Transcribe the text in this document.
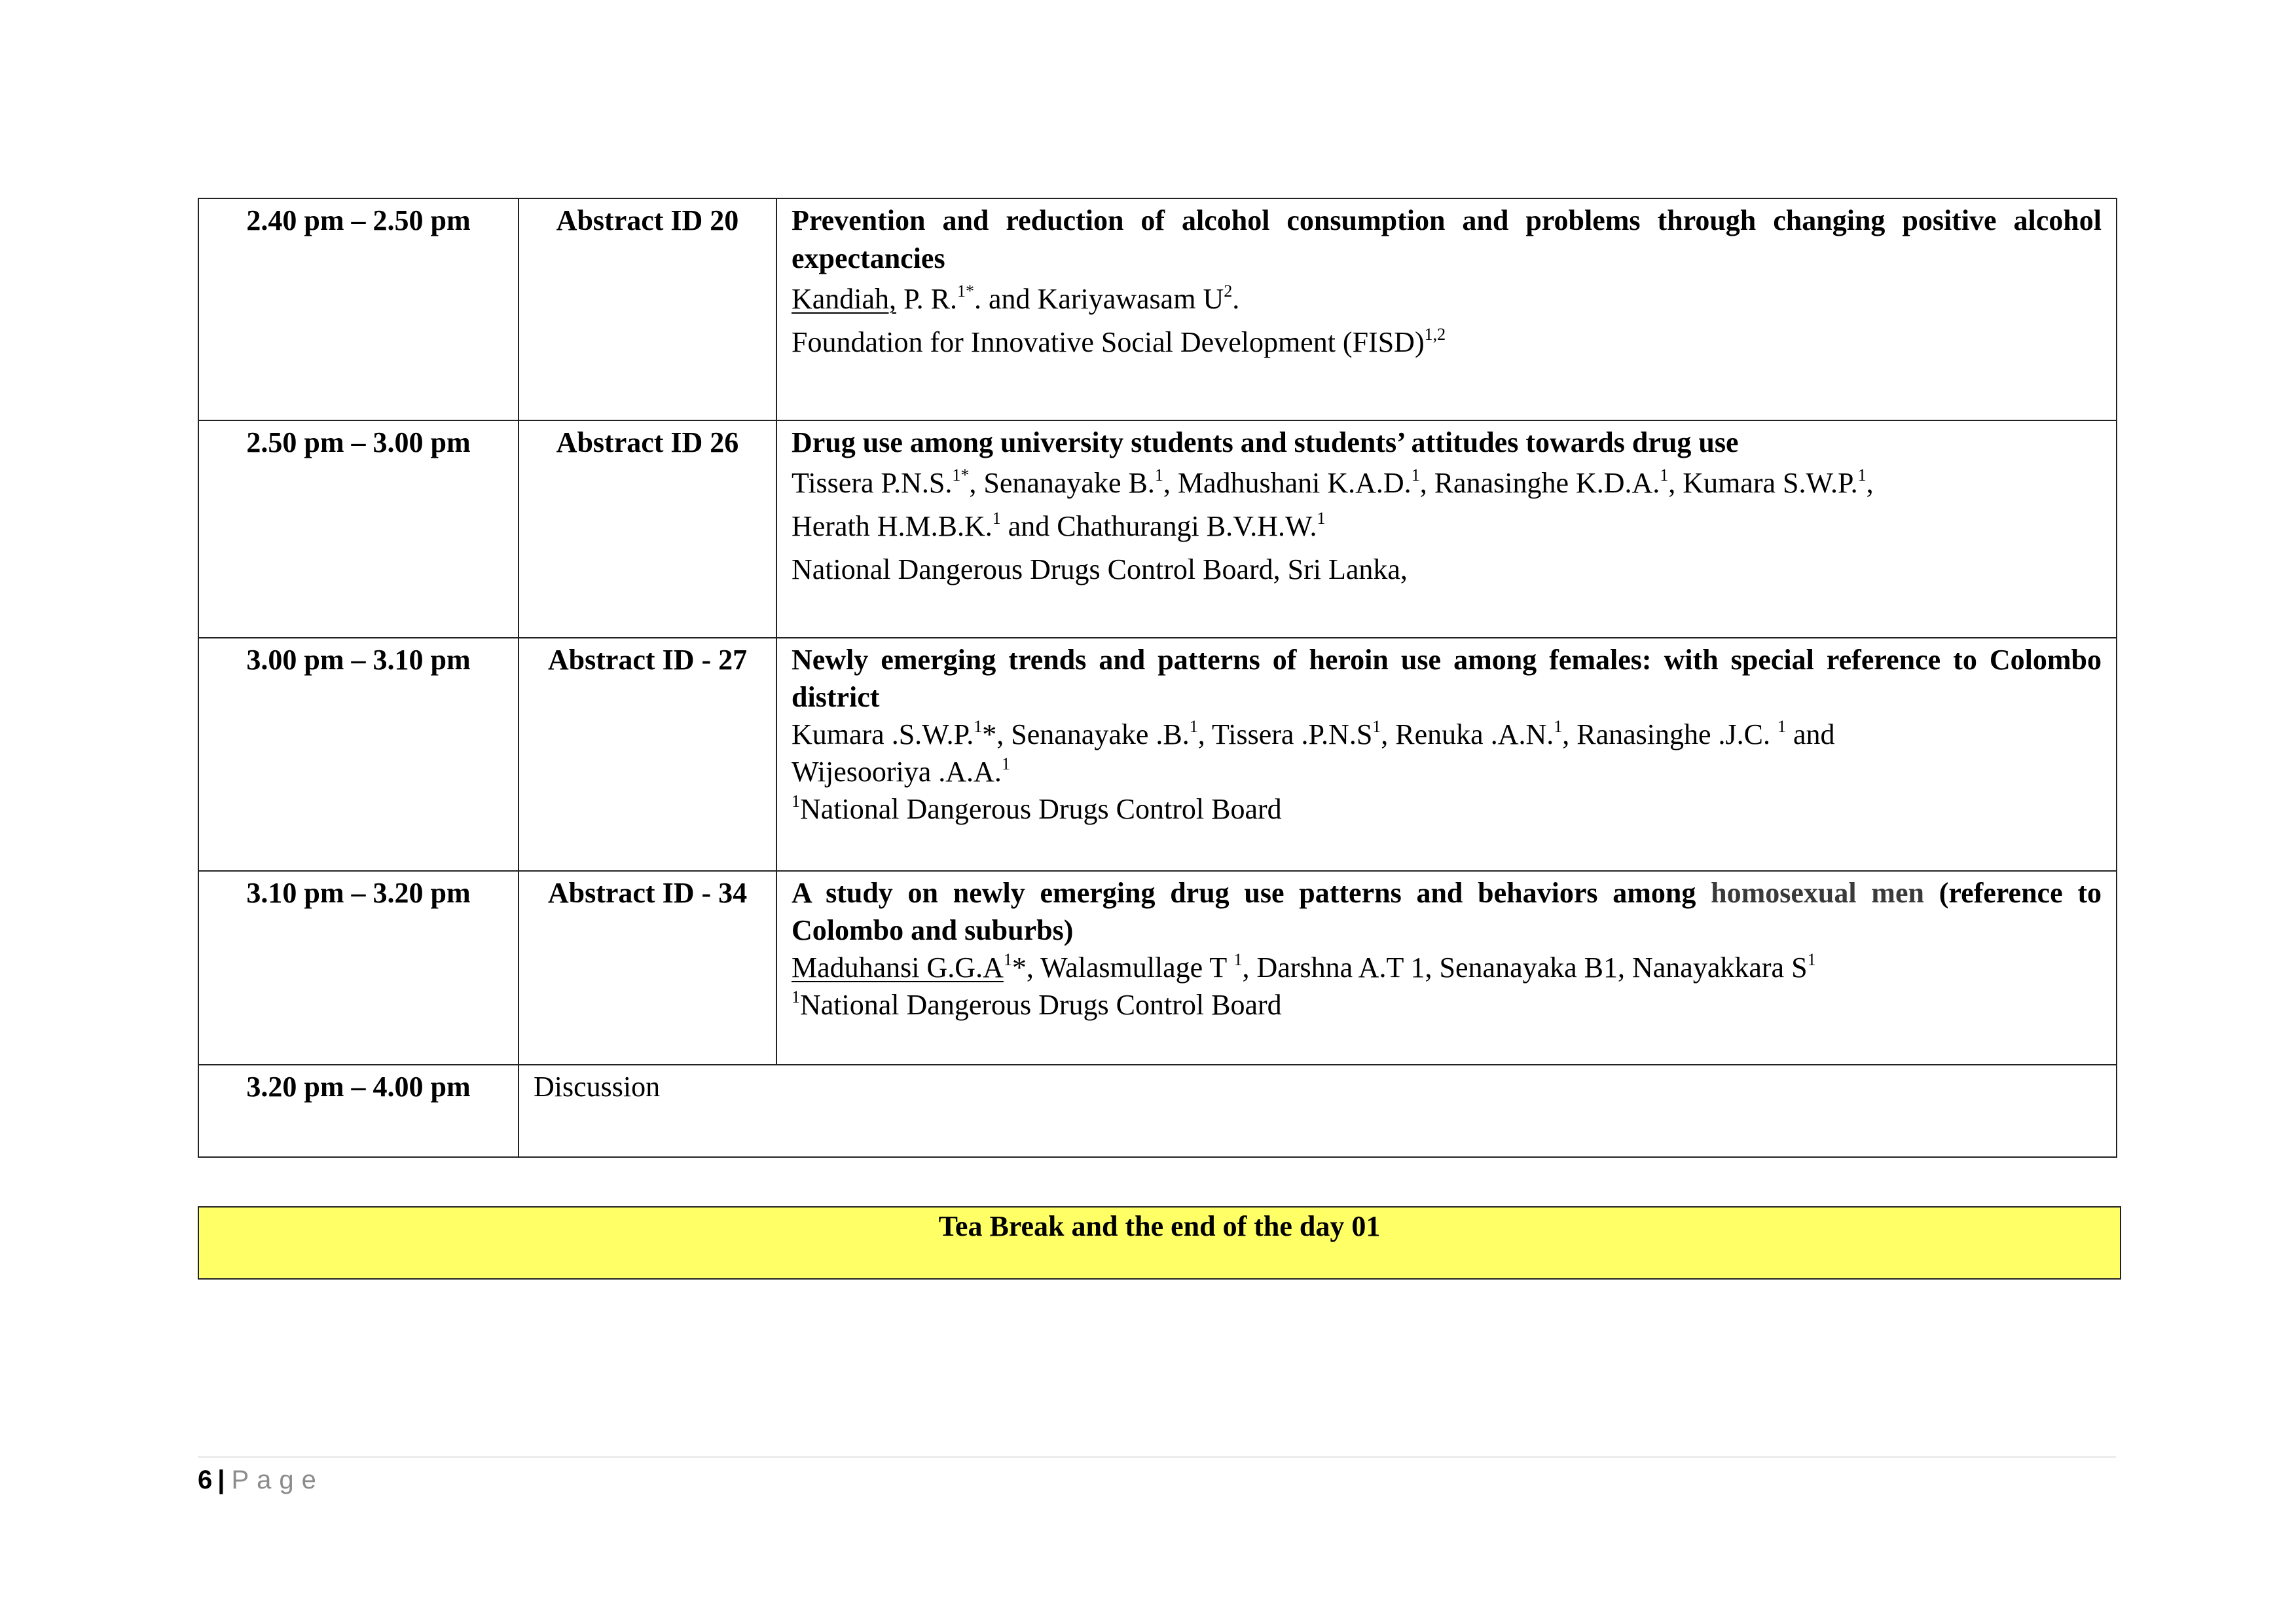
2.40 pm – 2.50 pm	Abstract ID 20	Prevention and reduction of alcohol consumption and problems through changing positive alcohol expectancies
Kandiah, P. R.$^{1*}$. and Kariyawasam $U^2$.
Foundation for Innovative Social Development (FISD)$^{1,2}$

2.50 pm – 3.00 pm	Abstract ID 26	Drug use among university students and students’ attitudes towards drug use
Tissera P.N.S.$^{1*}$, Senanayake B.$^1$, Madhushani K.A.D.$^1$, Ranasinghe K.D.A.$^1$, Kumara S.W.P.$^1$,
Herath H.M.B.K.$^1$ and Chathurangi B.V.H.W.$^1$
National Dangerous Drugs Control Board, Sri Lanka,

3.00 pm – 3.10 pm	Abstract ID - 27	Newly emerging trends and patterns of heroin use among females: with special reference to Colombo district
Kumara .S.W.P.$^1$*, Senanayake .B.$^1$, Tissera $.P.N.S^1$, Renuka .A.N.$^1$, Ranasinghe .J.C. $^1$ and
Wijesooriya .A.A.$^1$
$^1$National Dangerous Drugs Control Board

3.10 pm – 3.20 pm	Abstract ID - 34	A study on newly emerging drug use patterns and behaviors among homosexual men (reference to Colombo and suburbs)
Maduhansi $G.G.A^1*$, Walasmullage T $^1$, Darshna A.T 1, Senanayaka B1, Nanayakkara $S^1$
$^1$National Dangerous Drugs Control Board

3.20 pm – 4.00 pm	Discussion	
Tea Break and the end of the day 01
6 | Page
